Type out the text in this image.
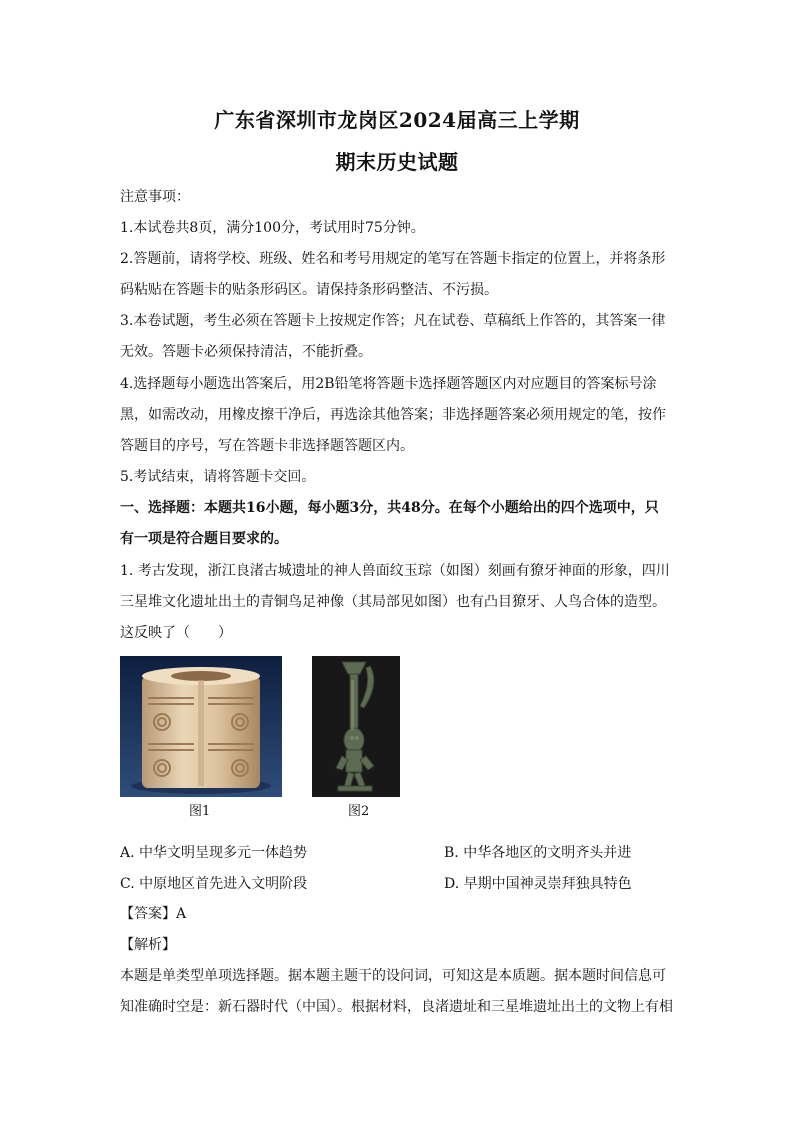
广东省深圳市龙岗区2024届高三上学期
期末历史试题
注意事项：
1.本试卷共8页，满分100分，考试用时75分钟。
2.答题前，请将学校、班级、姓名和考号用规定的笔写在答题卡指定的位置上，并将条形
码粘贴在答题卡的贴条形码区。请保持条形码整洁、不污损。
3.本卷试题，考生必须在答题卡上按规定作答；凡在试卷、草稿纸上作答的，其答案一律
无效。答题卡必须保持清洁，不能折叠。
4.选择题每小题选出答案后，用2B铅笔将答题卡选择题答题区内对应题目的答案标号涂
黑，如需改动，用橡皮擦干净后，再选涂其他答案；非选择题答案必须用规定的笔，按作
答题目的序号，写在答题卡非选择题答题区内。
5.考试结束，请将答题卡交回。
一、选择题：本题共16小题，每小题3分，共48分。在每个小题给出的四个选项中，只
有一项是符合题目要求的。
1. 考古发现，浙江良渚古城遗址的神人兽面纹玉琮（如图）刻画有獠牙神面的形象，四川
三星堆文化遗址出土的青铜鸟足神像（其局部见如图）也有凸目獠牙、人鸟合体的造型。
这反映了（　　）
图1	图2
A. 中华文明呈现多元一体趋势	B. 中华各地区的文明齐头并进
C. 中原地区首先进入文明阶段	D. 早期中国神灵崇拜独具特色
【答案】A
【解析】
本题是单类型单项选择题。据本题主题干的设问词，可知这是本质题。据本题时间信息可
知准确时空是：新石器时代（中国）。根据材料，良渚遗址和三星堆遗址出土的文物上有相
